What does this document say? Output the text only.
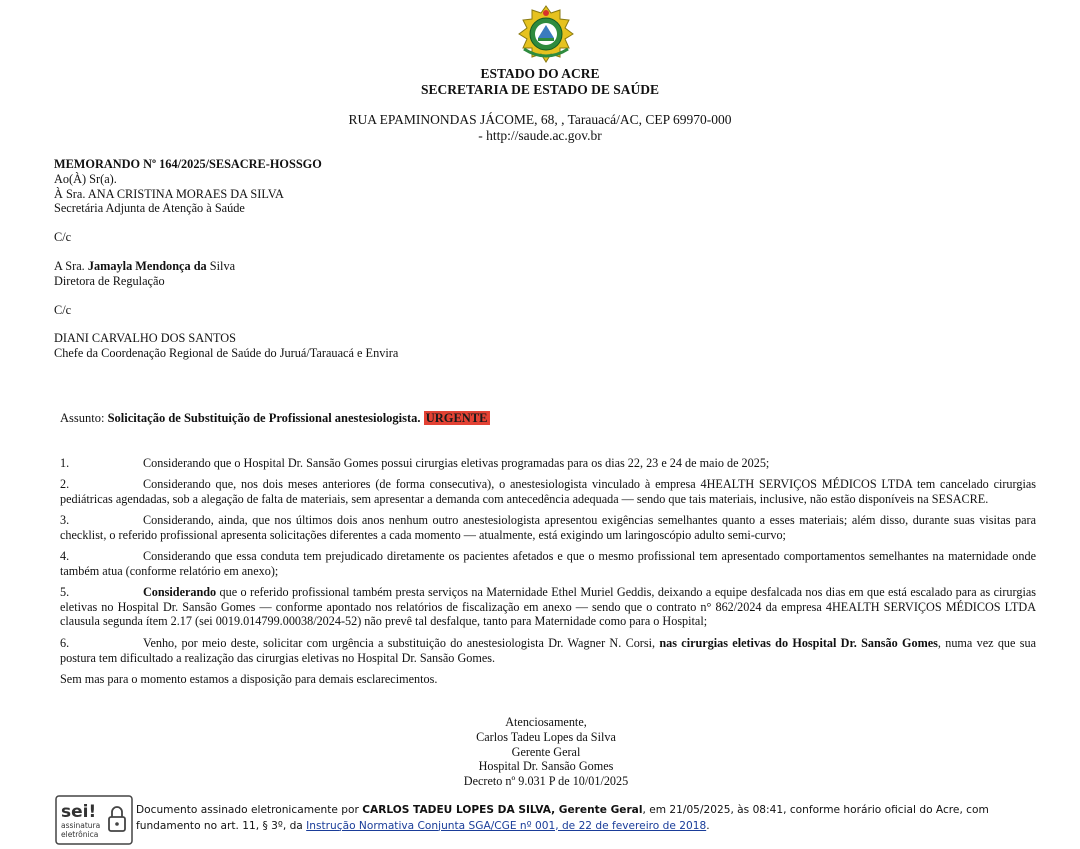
ESTADO DO ACRE
SECRETARIA DE ESTADO DE SAÚDE
RUA EPAMINONDAS JÁCOME, 68, , Tarauacá/AC, CEP 69970-000
- http://saude.ac.gov.br
MEMORANDO Nº 164/2025/SESACRE-HOSSGO
Ao(À) Sr(a).
À Sra. ANA CRISTINA MORAES DA SILVA
Secretária Adjunta de Atenção à Saúde
C/c
A Sra. Jamayla Mendonça da Silva
Diretora de Regulação
C/c
DIANI CARVALHO DOS SANTOS
Chefe da Coordenação Regional de Saúde do Juruá/Tarauacá e Envira
Assunto: Solicitação de Substituição de Profissional anestesiologista. URGENTE
1.	Considerando que o Hospital Dr. Sansão Gomes possui cirurgias eletivas programadas para os dias 22, 23 e 24 de maio de 2025;
2.	Considerando que, nos dois meses anteriores (de forma consecutiva), o anestesiologista vinculado à empresa 4HEALTH SERVIÇOS MÉDICOS LTDA tem cancelado cirurgias pediátricas agendadas, sob a alegação de falta de materiais, sem apresentar a demanda com antecedência adequada — sendo que tais materiais, inclusive, não estão disponíveis na SESACRE.
3.	Considerando, ainda, que nos últimos dois anos nenhum outro anestesiologista apresentou exigências semelhantes quanto a esses materiais; além disso, durante suas visitas para checklist, o referido profissional apresenta solicitações diferentes a cada momento — atualmente, está exigindo um laringoscópio adulto semi-curvo;
4.	Considerando que essa conduta tem prejudicado diretamente os pacientes afetados e que o mesmo profissional tem apresentado comportamentos semelhantes na maternidade onde também atua (conforme relatório em anexo);
5.	Considerando que o referido profissional também presta serviços na Maternidade Ethel Muriel Geddis, deixando a equipe desfalcada nos dias em que está escalado para as cirurgias eletivas no Hospital Dr. Sansão Gomes — conforme apontado nos relatórios de fiscalização em anexo — sendo que o contrato n° 862/2024 da empresa 4HEALTH SERVIÇOS MÉDICOS LTDA clausula segunda ítem 2.17 (sei 0019.014799.00038/2024-52) não prevê tal desfalque, tanto para Maternidade como para o Hospital;
6.	Venho, por meio deste, solicitar com urgência a substituição do anestesiologista Dr. Wagner N. Corsi, nas cirurgias eletivas do Hospital Dr. Sansão Gomes, numa vez que sua postura tem dificultado a realização das cirurgias eletivas no Hospital Dr. Sansão Gomes.
Sem mas para o momento estamos a disposição para demais esclarecimentos.
Atenciosamente,
Carlos Tadeu Lopes da Silva
Gerente Geral
Hospital Dr. Sansão Gomes
Decreto nº 9.031 P de 10/01/2025
sei!
assinatura
eletrônica
Documento assinado eletronicamente por CARLOS TADEU LOPES DA SILVA, Gerente Geral, em 21/05/2025, às 08:41, conforme horário oficial do Acre, com fundamento no art. 11, § 3º, da Instrução Normativa Conjunta SGA/CGE nº 001, de 22 de fevereiro de 2018.
